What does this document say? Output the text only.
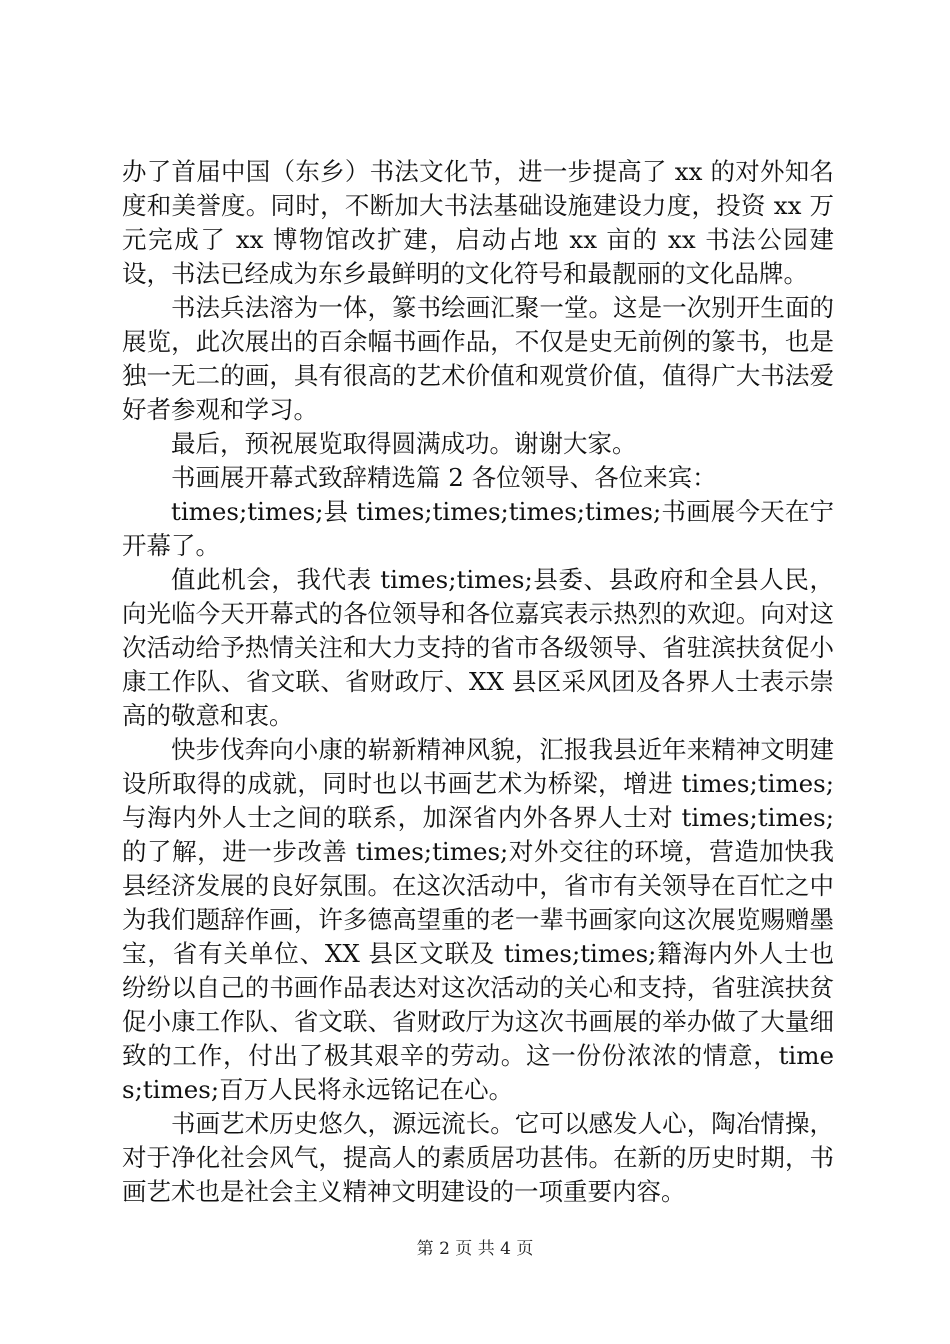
办了首届中国（东乡）书法文化节，进一步提高了 xx 的对外知名度和美誉度。同时，不断加大书法基础设施建设力度，投资 xx 万元完成了 xx 博物馆改扩建，启动占地 xx 亩的 xx 书法公园建设，书法已经成为东乡最鲜明的文化符号和最靓丽的文化品牌。

书法兵法溶为一体，篆书绘画汇聚一堂。这是一次别开生面的展览，此次展出的百余幅书画作品，不仅是史无前例的篆书，也是独一无二的画，具有很高的艺术价值和观赏价值，值得广大书法爱好者参观和学习。

最后，预祝展览取得圆满成功。谢谢大家。

书画展开幕式致辞精选篇 2 各位领导、各位来宾：

times;times;县 times;times;times;times;书画展今天在宁开幕了。

值此机会，我代表 times;times;县委、县政府和全县人民，向光临今天开幕式的各位领导和各位嘉宾表示热烈的欢迎。向对这次活动给予热情关注和大力支持的省市各级领导、省驻滨扶贫促小康工作队、省文联、省财政厅、XX 县区采风团及各界人士表示崇高的敬意和衷。

快步伐奔向小康的崭新精神风貌，汇报我县近年来精神文明建设所取得的成就，同时也以书画艺术为桥梁，增进 times;times;与海内外人士之间的联系，加深省内外各界人士对 times;times;的了解，进一步改善 times;times;对外交往的环境，营造加快我县经济发展的良好氛围。在这次活动中，省市有关领导在百忙之中为我们题辞作画，许多德高望重的老一辈书画家向这次展览赐赠墨宝，省有关单位、XX 县区文联及 times;times;籍海内外人士也纷纷以自己的书画作品表达对这次活动的关心和支持，省驻滨扶贫促小康工作队、省文联、省财政厅为这次书画展的举办做了大量细致的工作，付出了极其艰辛的劳动。这一份份浓浓的情意，times;times;百万人民将永远铭记在心。

书画艺术历史悠久，源远流长。它可以感发人心，陶冶情操，对于净化社会风气，提高人的素质居功甚伟。在新的历史时期，书画艺术也是社会主义精神文明建设的一项重要内容。

第 2 页 共 4 页
